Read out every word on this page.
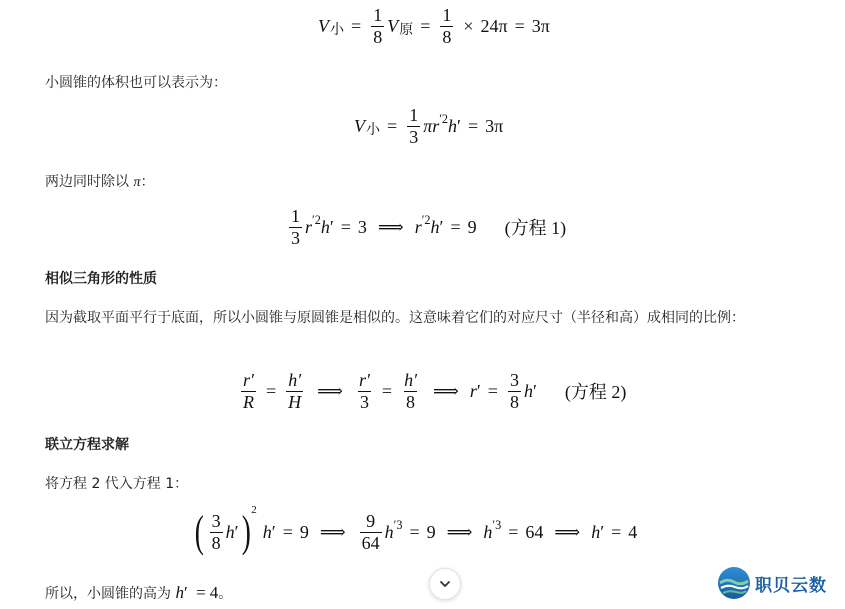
V 小 = $\frac{1}{8}$ V 原 = $\frac{1}{8} \times 24\pi = 3\pi$
小圆锥的体积也可以表示为：
V 小 = $\frac{1}{3}$ π r ′2 h ′ = 3π
两边同时除以 π：
$\frac{1}{3}$ r ′2 h ′ = 3 ⟹ r ′2 h ′ = 9 (方程 1)
相似三角形的性质
因为截取平面平行于底面，所以小圆锥与原圆锥是相似的。这意味着它们的对应尺寸（半径和高）成相同的比例：
$\frac{r'}{R} = \frac{h'}{H}$ ⟹ $\frac{r'}{3} = \frac{h'}{8}$ ⟹ r ′ = $\frac{3}{8}$ h ′ (方程 2)
联立方程求解
将方程 2 代入方程 1：
( $\frac{3}{8}$ h ′ ) 2
h ′ = 9 ⟹ $\frac{9}{64}$ h ′3 = 9 ⟹ h ′3 = 64 ⟹ h ′ = 4
所以，小圆锥的高为 h′ = 4。	职贝云数
